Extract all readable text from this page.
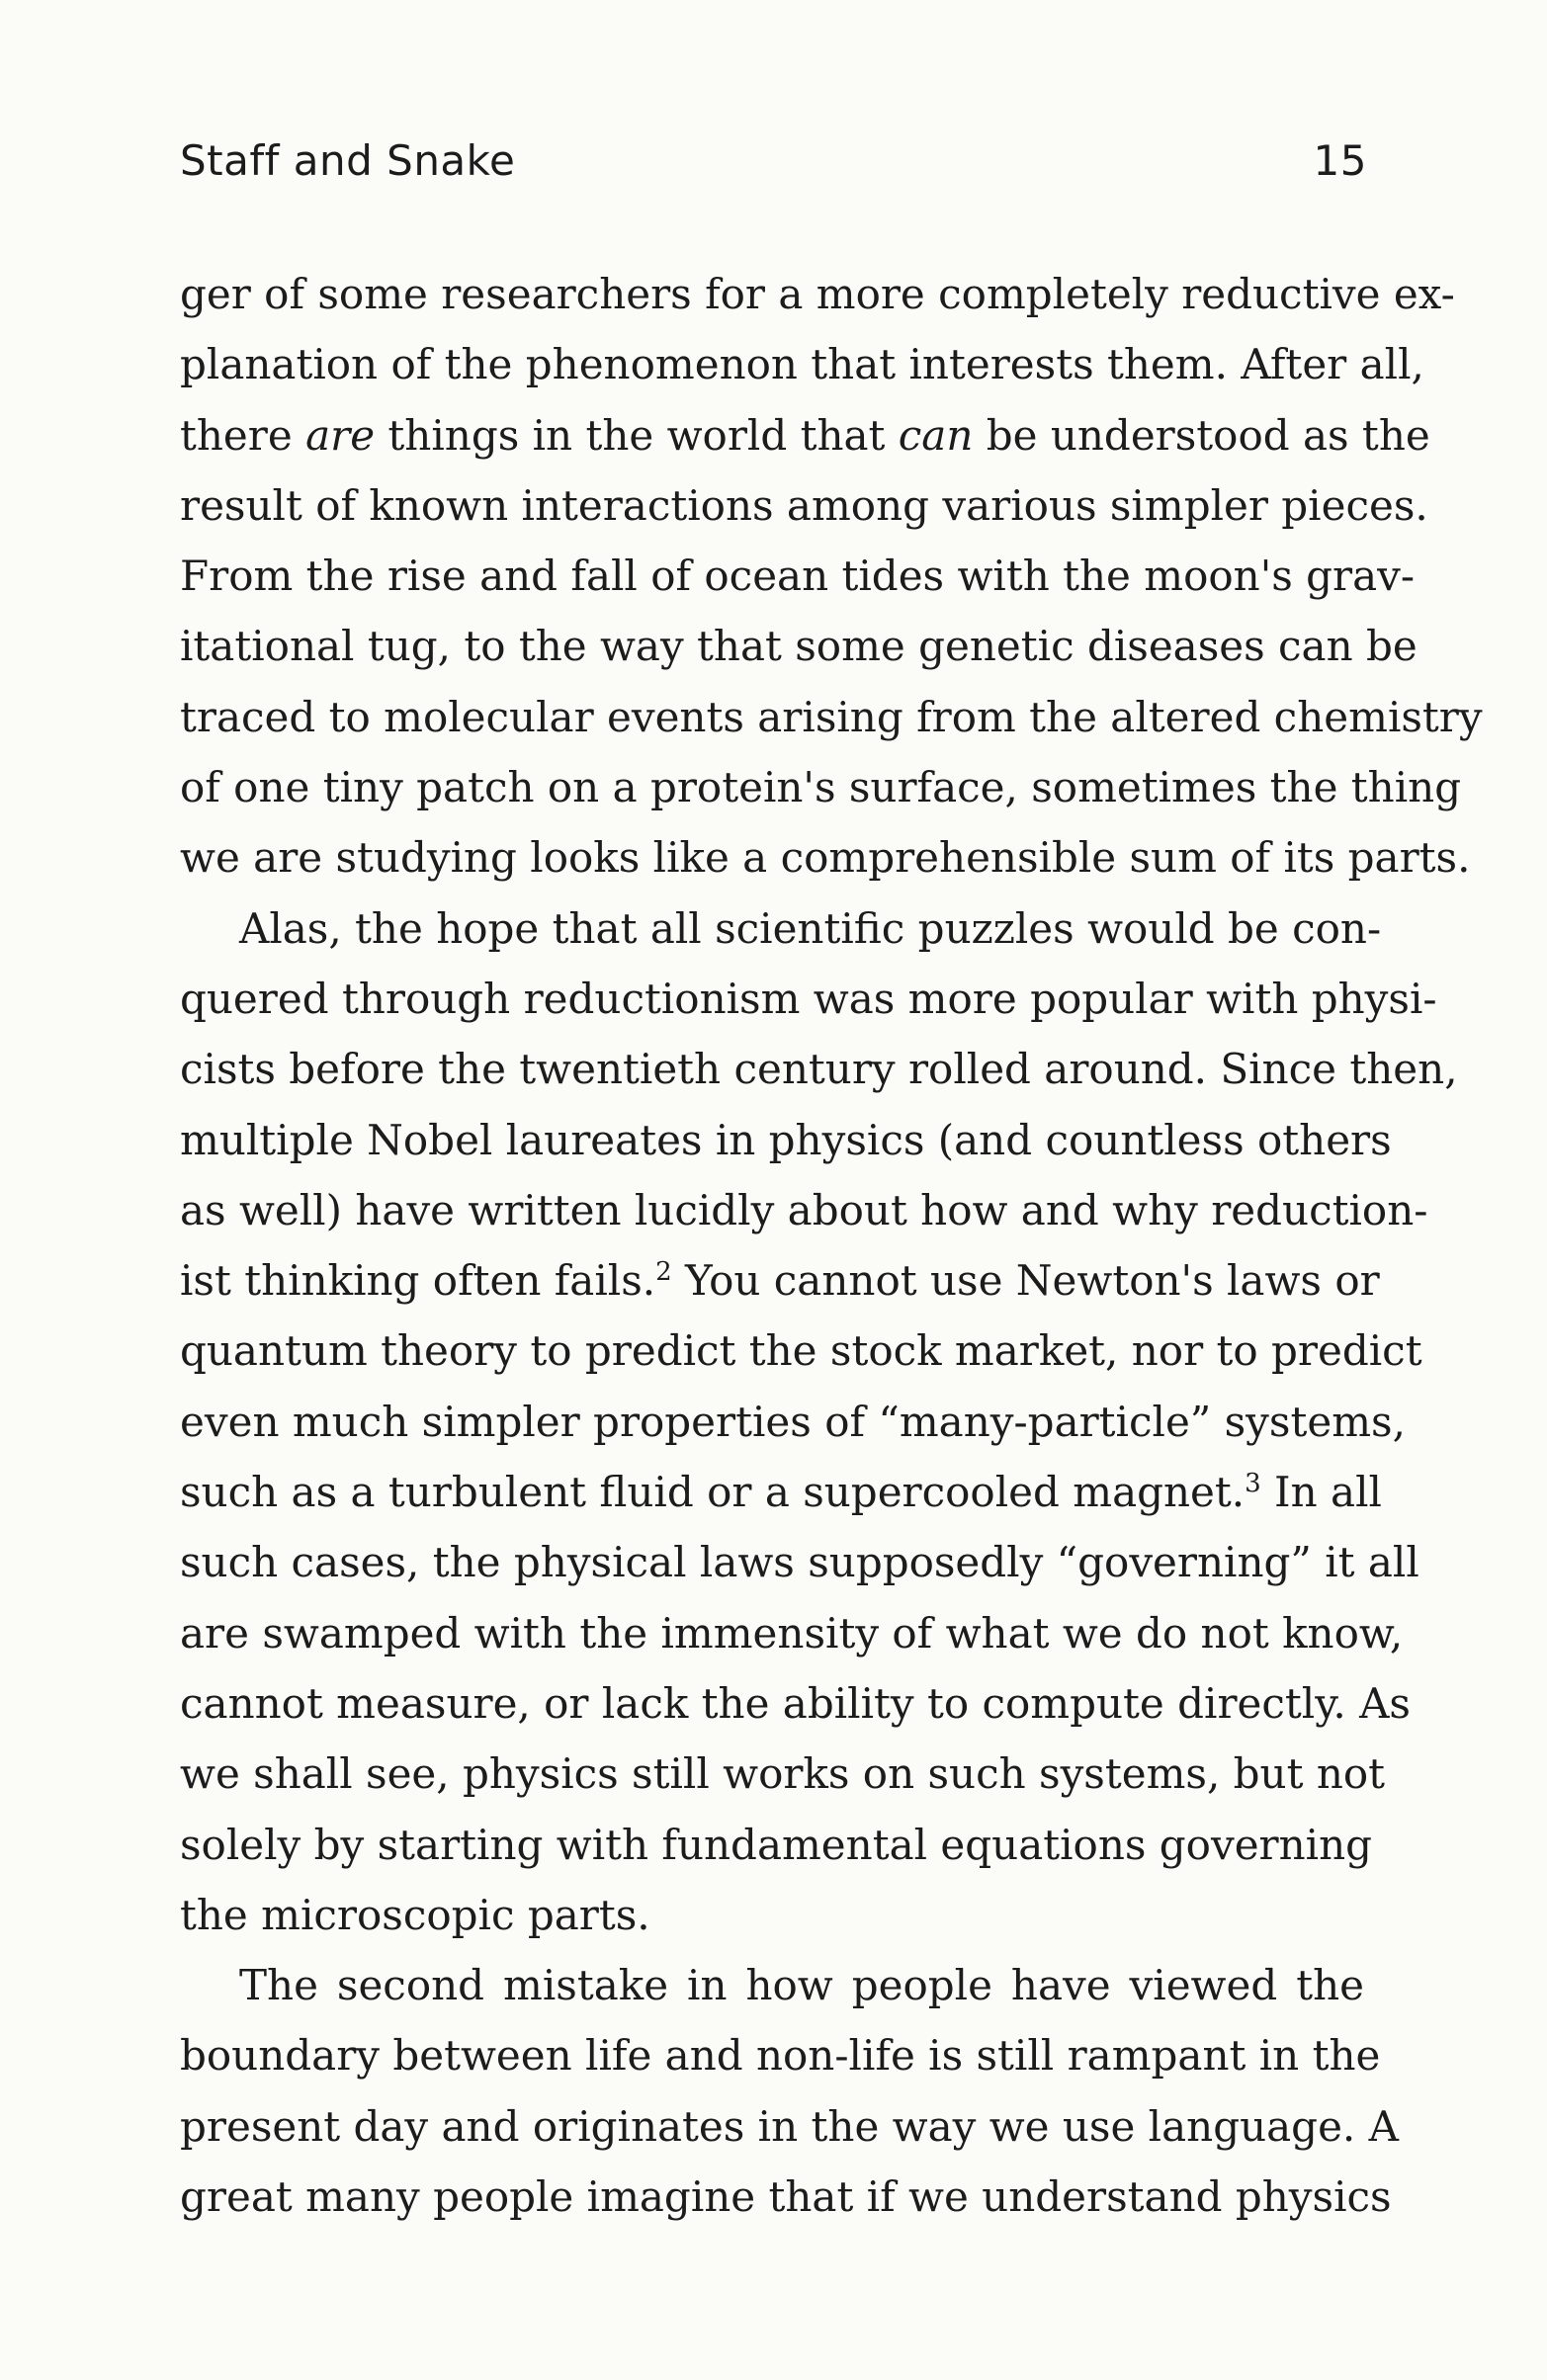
Staff and Snake	15
ger of some researchers for a more completely reductive ex-
planation of the phenomenon that interests them. After all,
there are things in the world that can be understood as the
result of known interactions among various simpler pieces.
From the rise and fall of ocean tides with the moon's grav-
itational tug, to the way that some genetic diseases can be
traced to molecular events arising from the altered chemistry
of one tiny patch on a protein's surface, sometimes the thing
we are studying looks like a comprehensible sum of its parts.
Alas, the hope that all scientific puzzles would be con-
quered through reductionism was more popular with physi-
cists before the twentieth century rolled around. Since then,
multiple Nobel laureates in physics (and countless others
as well) have written lucidly about how and why reduction-
ist thinking often fails.$^2$ You cannot use Newton's laws or
quantum theory to predict the stock market, nor to predict
even much simpler properties of “many-particle” systems,
such as a turbulent fluid or a supercooled magnet.$^3$ In all
such cases, the physical laws supposedly “governing” it all
are swamped with the immensity of what we do not know,
cannot measure, or lack the ability to compute directly. As
we shall see, physics still works on such systems, but not
solely by starting with fundamental equations governing
the microscopic parts.
The second mistake in how people have viewed the
boundary between life and non-life is still rampant in the
present day and originates in the way we use language. A
great many people imagine that if we understand physics
